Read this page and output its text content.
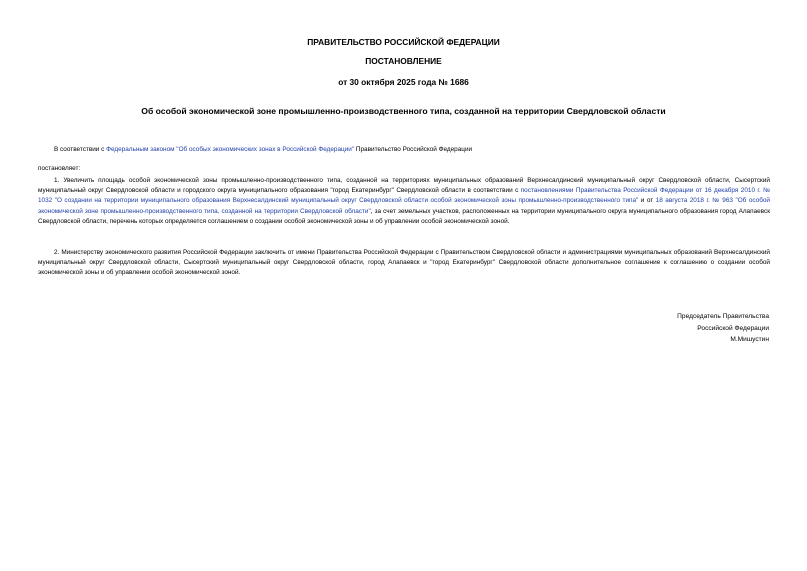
ПРАВИТЕЛЬСТВО РОССИЙСКОЙ ФЕДЕРАЦИИ
ПОСТАНОВЛЕНИЕ
от 30 октября 2025 года № 1686
Об особой экономической зоне промышленно-производственного типа, созданной на территории Свердловской области
В соответствии с Федеральным законом "Об особых экономических зонах в Российской Федерации" Правительство Российской Федерации
постановляет:
1. Увеличить площадь особой экономической зоны промышленно-производственного типа, созданной на территориях муниципальных образований Верхнесалдинский муниципальный округ Свердловской области, Сысертский муниципальный округ Свердловской области и городского округа муниципального образования "город Екатеринбург" Свердловской области в соответствии с постановлениями Правительства Российской Федерации от 16 декабря 2010 г. № 1032 "О создании на территории муниципального образования Верхнесалдинский муниципальный округ Свердловской области особой экономической зоны промышленно-производственного типа" и от 18 августа 2018 г. № 963 "Об особой экономической зоне промышленно-производственного типа, созданной на территории Свердловской области", за счет земельных участков, расположенных на территории муниципального округа муниципального образования город Алапаевск Свердловской области, перечень которых определяется соглашением о создании особой экономической зоны и об управлении особой экономической зоной.
2. Министерству экономического развития Российской Федерации заключить от имени Правительства Российской Федерации с Правительством Свердловской области и администрациями муниципальных образований Верхнесалдинский муниципальный округ Свердловской области, Сысертский муниципальный округ Свердловской области, город Алапаевск и "город Екатеринбург" Свердловской области дополнительное соглашение к соглашению о создании особой экономической зоны и об управлении особой экономической зоной.
Председатель Правительства
Российской Федерации
М.Мишустин
